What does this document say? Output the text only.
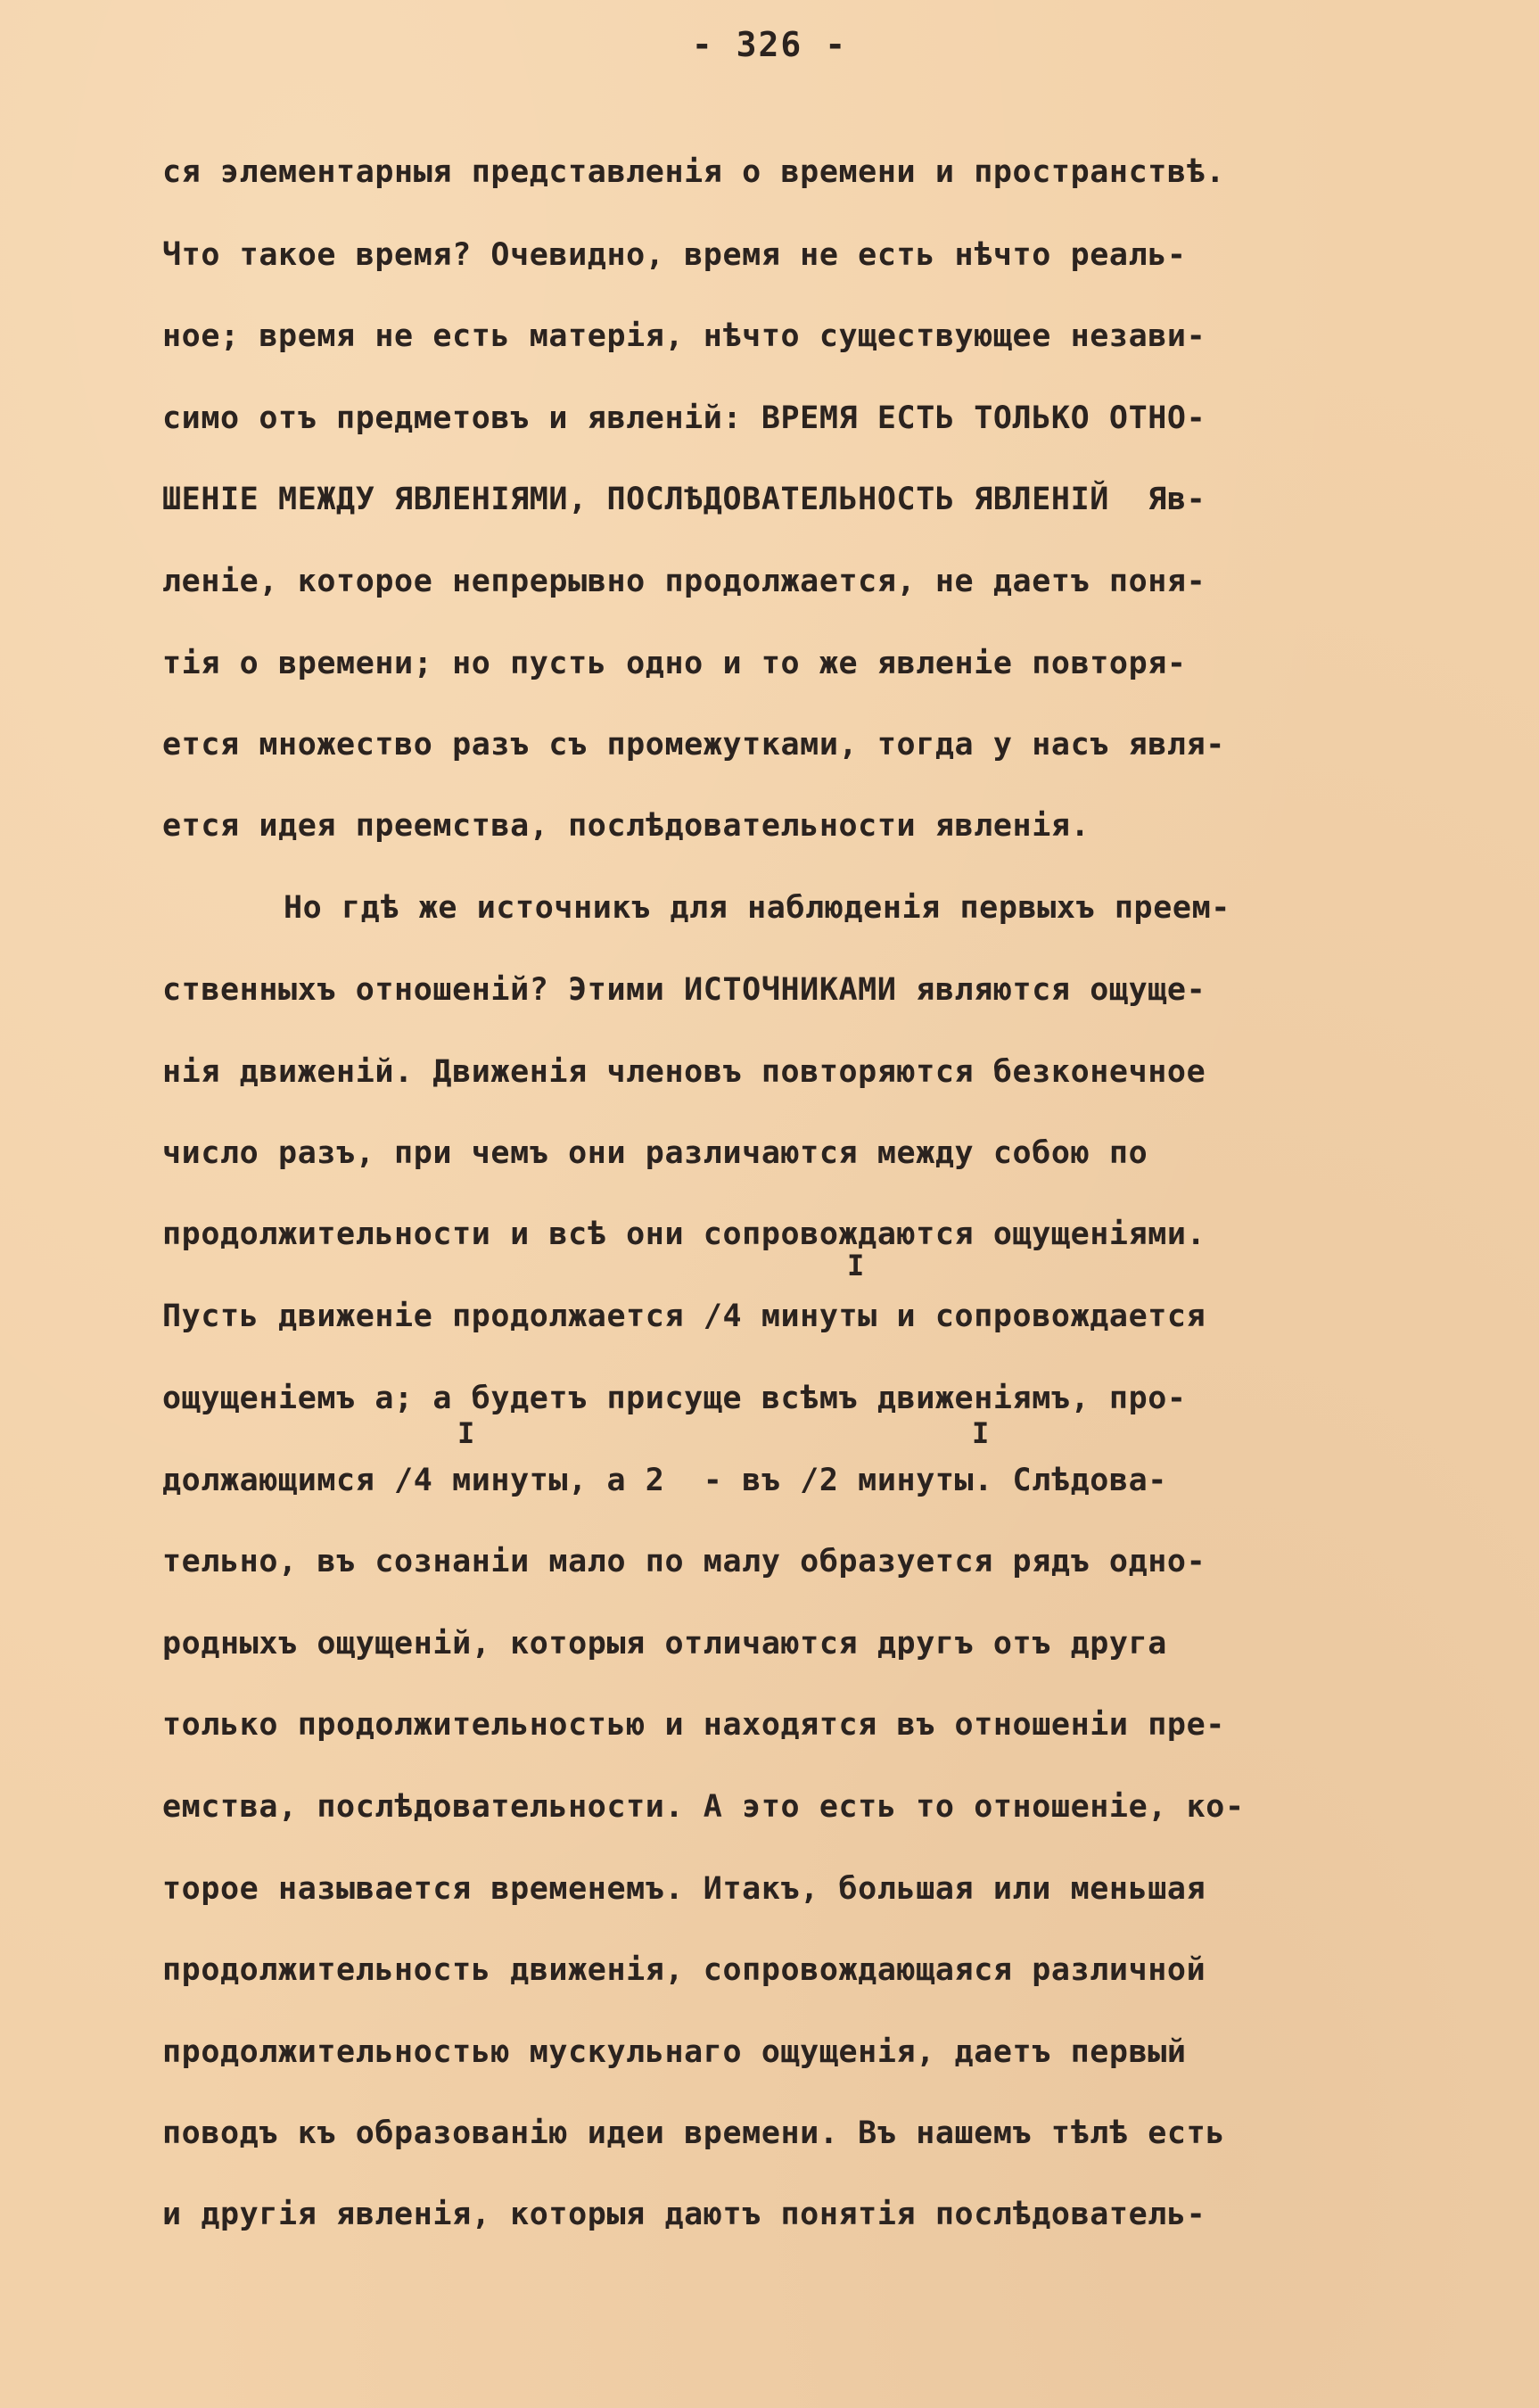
- 326 -
ся элементарныя представленія о времени и пространствѣ.
Что такое время? Очевидно, время не есть нѣчто реаль-
ное; время не есть матерія, нѣчто существующее незави-
симо отъ предметовъ и явленій: ВРЕМЯ ЕСТЬ ТОЛЬКО ОТНО-
ШЕНІЕ МЕЖДУ ЯВЛЕНІЯМИ, ПОСЛѢДОВАТЕЛЬНОСТЬ ЯВЛЕНІЙ  Яв-
леніе, которое непрерывно продолжается, не даетъ поня-
тія о времени; но пусть одно и то же явленіе повторя-
ется множество разъ съ промежутками, тогда у насъ явля-
ется идея преемства, послѣдовательности явленія.
Но гдѣ же источникъ для наблюденія первыхъ преем-
ственныхъ отношеній? Этими ИСТОЧНИКАМИ являются ощуще-
нія движеній. Движенія членовъ повторяются безконечное
число разъ, при чемъ они различаются между собою по
продолжительности и всѣ они сопровождаются ощущеніями.
I
Пусть движеніе продолжается /4 минуты и сопровождается
ощущеніемъ а; а будетъ присуще всѣмъ движеніямъ, про-
I	I
должающимся /4 минуты, а 2  - въ /2 минуты. Слѣдова-
тельно, въ сознаніи мало по малу образуется рядъ одно-
родныхъ ощущеній, которыя отличаются другъ отъ друга
только продолжительностью и находятся въ отношеніи пре-
емства, послѣдовательности. А это есть то отношеніе, ко-
торое называется временемъ. Итакъ, большая или меньшая
продолжительность движенія, сопровождающаяся различной
продолжительностью мускульнаго ощущенія, даетъ первый
поводъ къ образованію идеи времени. Въ нашемъ тѣлѣ есть
и другія явленія, которыя даютъ понятія послѣдователь-
